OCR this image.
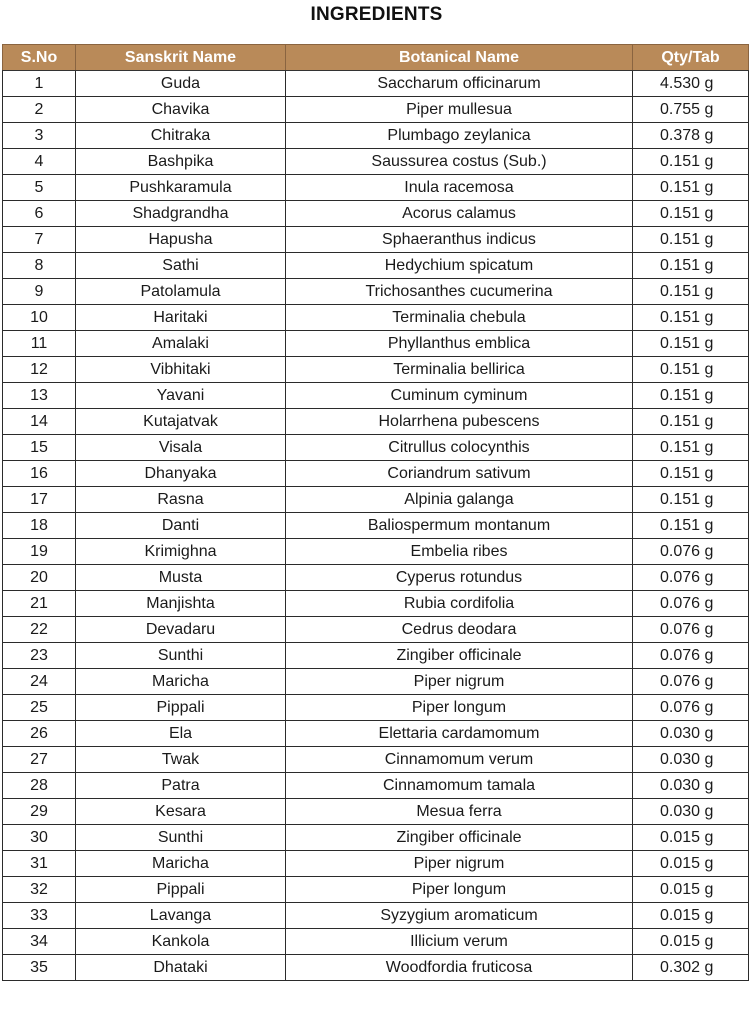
INGREDIENTS
S.No	Sanskrit Name	Botanical Name	Qty/Tab
1	Guda	Saccharum officinarum	4.530 g
2	Chavika	Piper mullesua	0.755 g
3	Chitraka	Plumbago zeylanica	0.378 g
4	Bashpika	Saussurea costus (Sub.)	0.151 g
5	Pushkaramula	Inula racemosa	0.151 g
6	Shadgrandha	Acorus calamus	0.151 g
7	Hapusha	Sphaeranthus indicus	0.151 g
8	Sathi	Hedychium spicatum	0.151 g
9	Patolamula	Trichosanthes cucumerina	0.151 g
10	Haritaki	Terminalia chebula	0.151 g
11	Amalaki	Phyllanthus emblica	0.151 g
12	Vibhitaki	Terminalia bellirica	0.151 g
13	Yavani	Cuminum cyminum	0.151 g
14	Kutajatvak	Holarrhena pubescens	0.151 g
15	Visala	Citrullus colocynthis	0.151 g
16	Dhanyaka	Coriandrum sativum	0.151 g
17	Rasna	Alpinia galanga	0.151 g
18	Danti	Baliospermum montanum	0.151 g
19	Krimighna	Embelia ribes	0.076 g
20	Musta	Cyperus rotundus	0.076 g
21	Manjishta	Rubia cordifolia	0.076 g
22	Devadaru	Cedrus deodara	0.076 g
23	Sunthi	Zingiber officinale	0.076 g
24	Maricha	Piper nigrum	0.076 g
25	Pippali	Piper longum	0.076 g
26	Ela	Elettaria cardamomum	0.030 g
27	Twak	Cinnamomum verum	0.030 g
28	Patra	Cinnamomum tamala	0.030 g
29	Kesara	Mesua ferra	0.030 g
30	Sunthi	Zingiber officinale	0.015 g
31	Maricha	Piper nigrum	0.015 g
32	Pippali	Piper longum	0.015 g
33	Lavanga	Syzygium aromaticum	0.015 g
34	Kankola	Illicium verum	0.015 g
35	Dhataki	Woodfordia fruticosa	0.302 g
